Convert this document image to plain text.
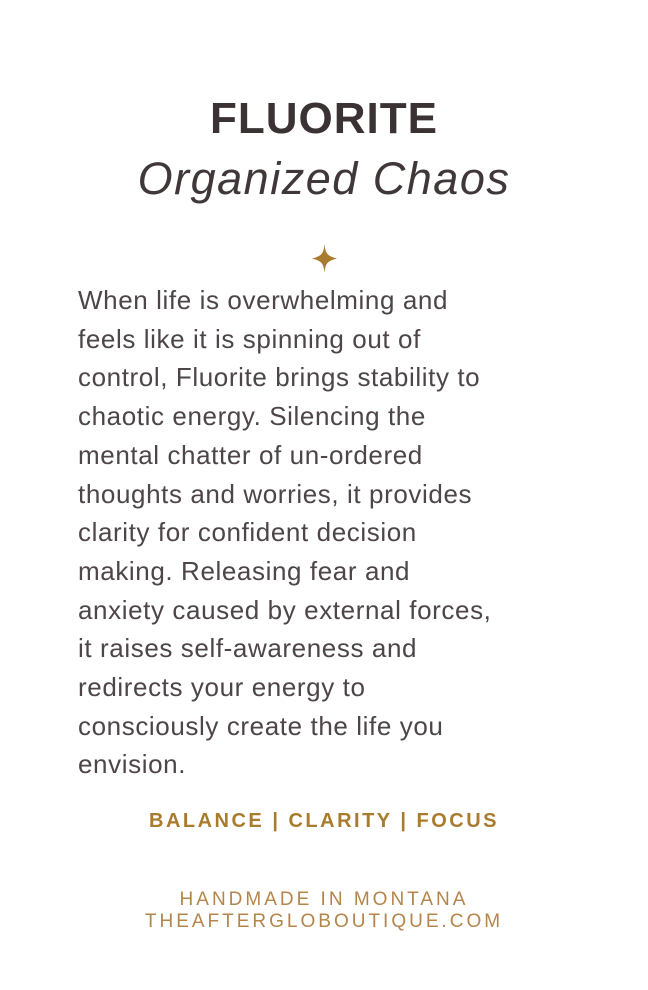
FLUORITE
Organized Chaos
When life is overwhelming and
feels like it is spinning out of
control, Fluorite brings stability to
chaotic energy. Silencing the
mental chatter of un-ordered
thoughts and worries, it provides
clarity for confident decision
making. Releasing fear and
anxiety caused by external forces,
it raises self-awareness and
redirects your energy to
consciously create the life you
envision.
BALANCE | CLARITY | FOCUS
HANDMADE IN MONTANA
THEAFTERGLOBOUTIQUE.COM
